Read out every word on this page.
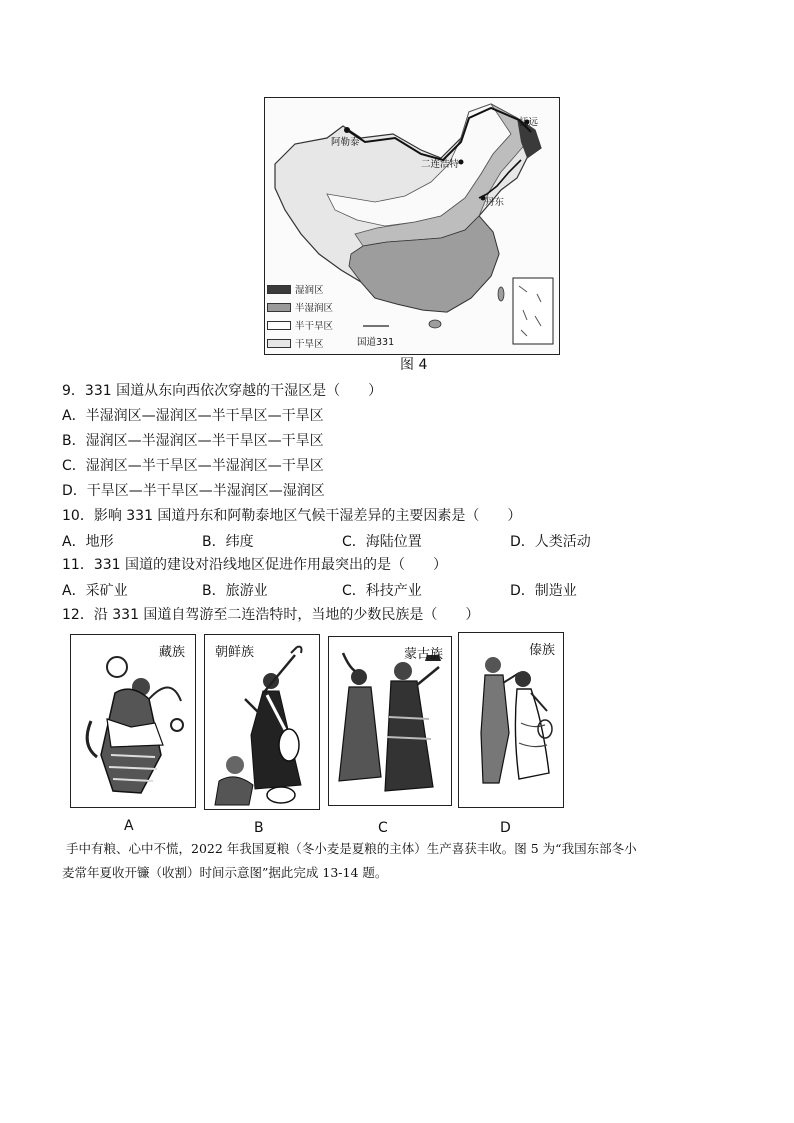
阿勒泰
二连浩特
丹东
抚远
国道331
湿润区
半湿润区
半干旱区
干旱区
图 4
9．331 国道从东向西依次穿越的干湿区是（　　）
A．半湿润区—湿润区—半干旱区—干旱区
B．湿润区—半湿润区—半干旱区—干旱区
C．湿润区—半干旱区—半湿润区—干旱区
D．干旱区—半干旱区—半湿润区—湿润区
10．影响 331 国道丹东和阿勒泰地区气候干湿差异的主要因素是（　　）
A．地形	B．纬度	C．海陆位置	D．人类活动
11．331 国道的建设对沿线地区促进作用最突出的是（　　）
A．采矿业	B．旅游业	C．科技产业	D．制造业
12．沿 331 国道自驾游至二连浩特时，当地的少数民族是（　　）
藏族
A
朝鲜族
B
蒙古族
C
傣族
D
手中有粮、心中不慌，2022 年我国夏粮（冬小麦是夏粮的主体）生产喜获丰收。图 5 为“我国东部冬小
麦常年夏收开镰（收割）时间示意图”据此完成 13-14 题。
